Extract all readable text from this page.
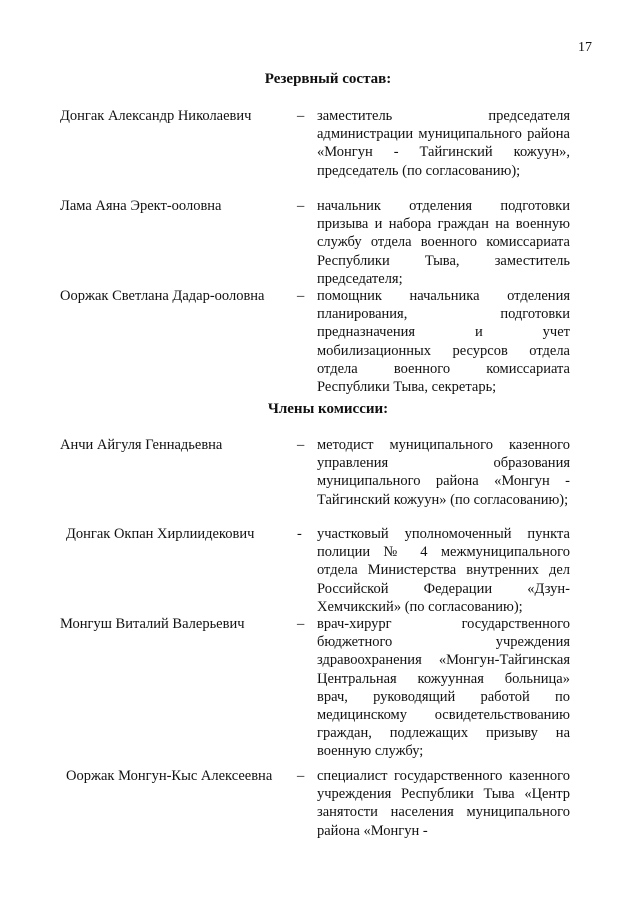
17
Резервный состав:
Донгак Александр Николаевич	– заместитель председателя администрации муниципального района «Монгун - Тайгинский кожуун», председатель (по согласованию);
Лама Аяна Эрект-ооловна	– начальник отделения подготовки призыва и набора граждан на военную службу отдела военного комиссариата Республики Тыва, заместитель председателя;
Ооржак Светлана Дадар-ооловна – помощник начальника отделения планирования, подготовки предназначения и учет мобилизационных ресурсов отдела отдела военного комиссариата Республики Тыва, секретарь;
Члены комиссии:
Анчи Айгуля Геннадьевна	– методист муниципального казенного управления образования муниципального района «Монгун - Тайгинский кожуун» (по согласованию);
Донгак Окпан Хирлиидекович	- участковый уполномоченный пункта полиции № 4 межмуниципального отдела Министерства внутренних дел Российской Федерации «Дзун-Хемчикский» (по согласованию);
Монгуш Виталий Валерьевич	– врач-хирург государственного бюджетного учреждения здравоохранения «Монгун-Тайгинская Центральная кожуунная больница» врач, руководящий работой по медицинскому освидетельствованию граждан, подлежащих призыву на военную службу;
Ооржак Монгун-Кыс Алексеевна – специалист государственного казенного учреждения Республики Тыва «Центр занятости населения муниципального района «Монгун -
